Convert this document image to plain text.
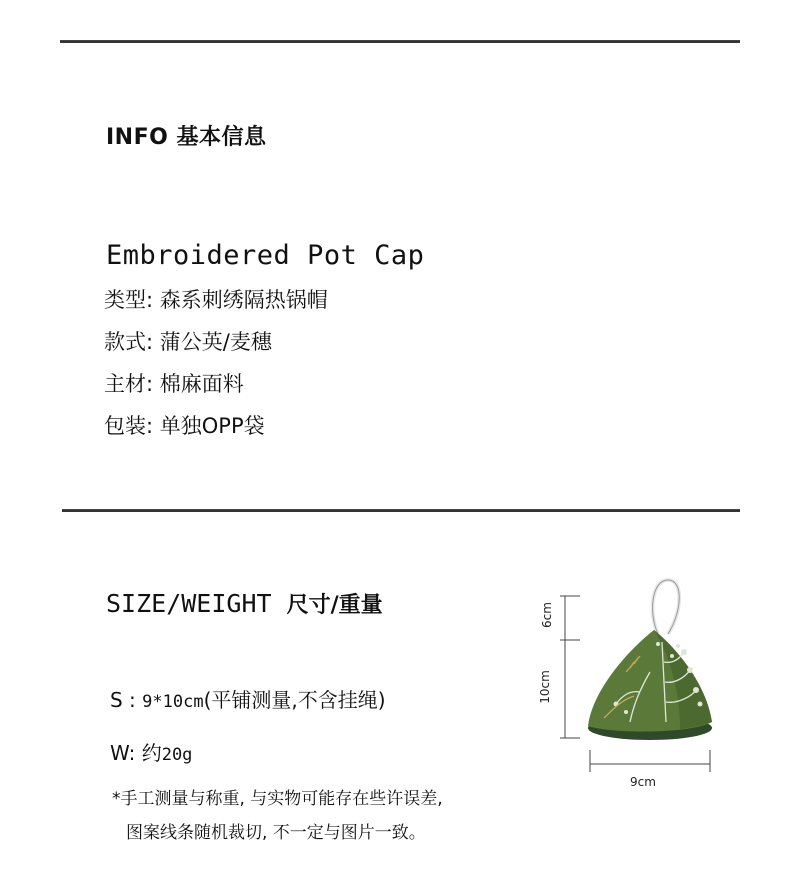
INFO 基本信息
Embroidered Pot Cap
类型: 森系刺绣隔热锅帽
款式: 蒲公英/麦穗
主材: 棉麻面料
包装: 单独OPP袋
SIZE/WEIGHT 尺寸/重量
S : 9*10cm(平铺测量,不含挂绳)
W: 约20g
*手工测量与称重, 与实物可能存在些许误差,
图案线条随机裁切, 不一定与图片一致。
6cm
10cm
9cm
